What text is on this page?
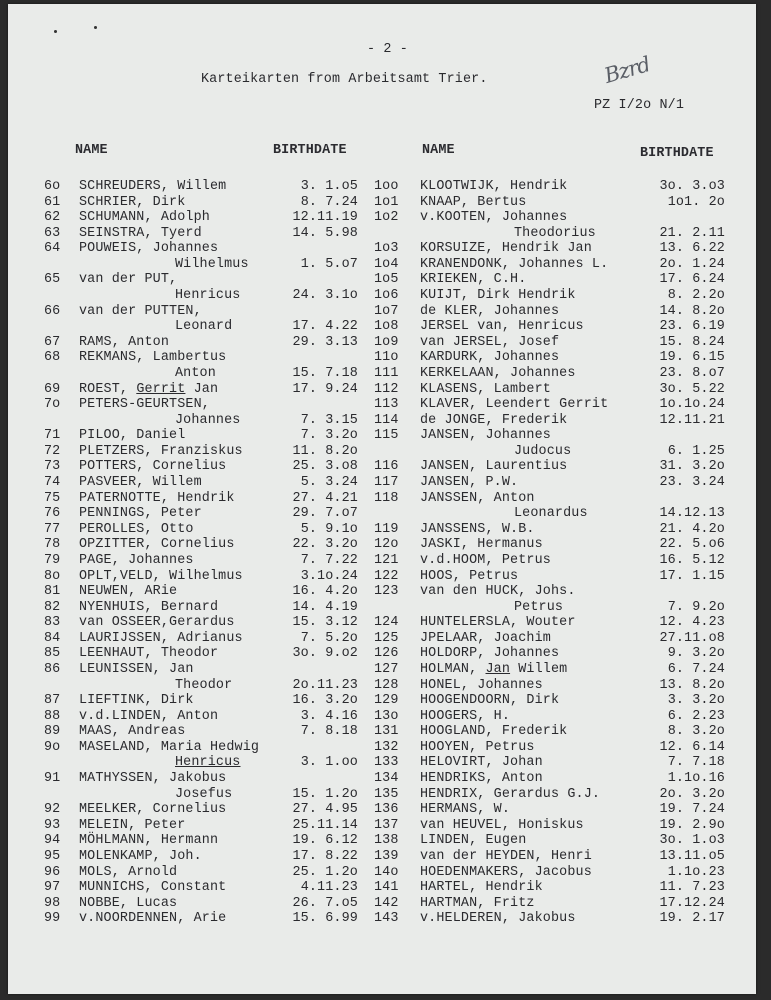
- 2 -
Karteikarten from Arbeitsamt Trier.	Bzrd
PZ I/2o N/1
NAME	BIRTHDATE	NAME	BIRTHDATE
6o SCHREUDERS, Willem	3. 1.o5
61 SCHRIER, Dirk	8. 7.24
62 SCHUMANN, Adolph	12.11.19
63 SEINSTRA, Tyerd	14. 5.98
64 POUWEIS, Johannes
Wilhelmus	1. 5.o7
65 van der PUT,
Henricus	24. 3.1o
66 van der PUTTEN,
Leonard	17. 4.22
67 RAMS, Anton	29. 3.13
68 REKMANS, Lambertus
Anton	15. 7.18
69 ROEST, Gerrit Jan	17. 9.24
7o PETERS-GEURTSEN,
Johannes	7. 3.15
71 PILOO, Daniel	7. 3.2o
72 PLETZERS, Franziskus	11. 8.2o
73 POTTERS, Cornelius	25. 3.o8
74 PASVEER, Willem	5. 3.24
75 PATERNOTTE, Hendrik	27. 4.21
76 PENNINGS, Peter	29. 7.o7
77 PEROLLES, Otto	5. 9.1o
78 OPZITTER, Cornelius	22. 3.2o
79 PAGE, Johannes	7. 7.22
8o OPLT,VELD, Wilhelmus	3.1o.24
81 NEUWEN, ARie	16. 4.2o
82 NYENHUIS, Bernard	14. 4.19
83 van OSSEER,Gerardus	15. 3.12
84 LAURIJSSEN, Adrianus	7. 5.2o
85 LEENHAUT, Theodor	3o. 9.o2
86 LEUNISSEN, Jan
Theodor	2o.11.23
87 LIEFTINK, Dirk	16. 3.2o
88 v.d.LINDEN, Anton	3. 4.16
89 MAAS, Andreas	7. 8.18
9o MASELAND, Maria Hedwig
Henricus	3. 1.oo
91 MATHYSSEN, Jakobus
Josefus	15. 1.2o
92 MEELKER, Cornelius	27. 4.95
93 MELEIN, Peter	25.11.14
94 MÖHLMANN, Hermann	19. 6.12
95 MOLENKAMP, Joh.	17. 8.22
96 MOLS, Arnold	25. 1.2o
97 MUNNICHS, Constant	4.11.23
98 NOBBE, Lucas	26. 7.o5
99 v.NOORDENNEN, Arie	15. 6.99
1oo KLOOTWIJK, Hendrik	3o. 3.o3
1o1 KNAAP, Bertus	1o1. 2o
1o2 v.KOOTEN, Johannes
Theodorius	21. 2.11
1o3 KORSUIZE, Hendrik Jan	13. 6.22
1o4 KRANENDONK, Johannes L.	2o. 1.24
1o5 KRIEKEN, C.H.	17. 6.24
1o6 KUIJT, Dirk Hendrik	8. 2.2o
1o7 de KLER, Johannes	14. 8.2o
1o8 JERSEL van, Henricus	23. 6.19
1o9 van JERSEL, Josef	15. 8.24
11o KARDURK, Johannes	19. 6.15
111 KERKELAAN, Johannes	23. 8.o7
112 KLASENS, Lambert	3o. 5.22
113 KLAVER, Leendert Gerrit	1o.1o.24
114 de JONGE, Frederik	12.11.21
115 JANSEN, Johannes
Judocus	6. 1.25
116 JANSEN, Laurentius	31. 3.2o
117 JANSEN, P.W.	23. 3.24
118 JANSSEN, Anton
Leonardus	14.12.13
119 JANSSENS, W.B.	21. 4.2o
12o JASKI, Hermanus	22. 5.o6
121 v.d.HOOM, Petrus	16. 5.12
122 HOOS, Petrus	17. 1.15
123 van den HUCK, Johs.
Petrus	7. 9.2o
124 HUNTELERSLA, Wouter	12. 4.23
125 JPELAAR, Joachim	27.11.o8
126 HOLDORP, Johannes	9. 3.2o
127 HOLMAN, Jan Willem	6. 7.24
128 HONEL, Johannes	13. 8.2o
129 HOOGENDOORN, Dirk	3. 3.2o
13o HOOGERS, H.	6. 2.23
131 HOOGLAND, Frederik	8. 3.2o
132 HOOYEN, Petrus	12. 6.14
133 HELOVIRT, Johan	7. 7.18
134 HENDRIKS, Anton	1.1o.16
135 HENDRIX, Gerardus G.J.	2o. 3.2o
136 HERMANS, W.	19. 7.24
137 van HEUVEL, Honiskus	19. 2.9o
138 LINDEN, Eugen	3o. 1.o3
139 van der HEYDEN, Henri	13.11.o5
14o HOEDENMAKERS, Jacobus	1.1o.23
141 HARTEL, Hendrik	11. 7.23
142 HARTMAN, Fritz	17.12.24
143 v.HELDEREN, Jakobus	19. 2.17
